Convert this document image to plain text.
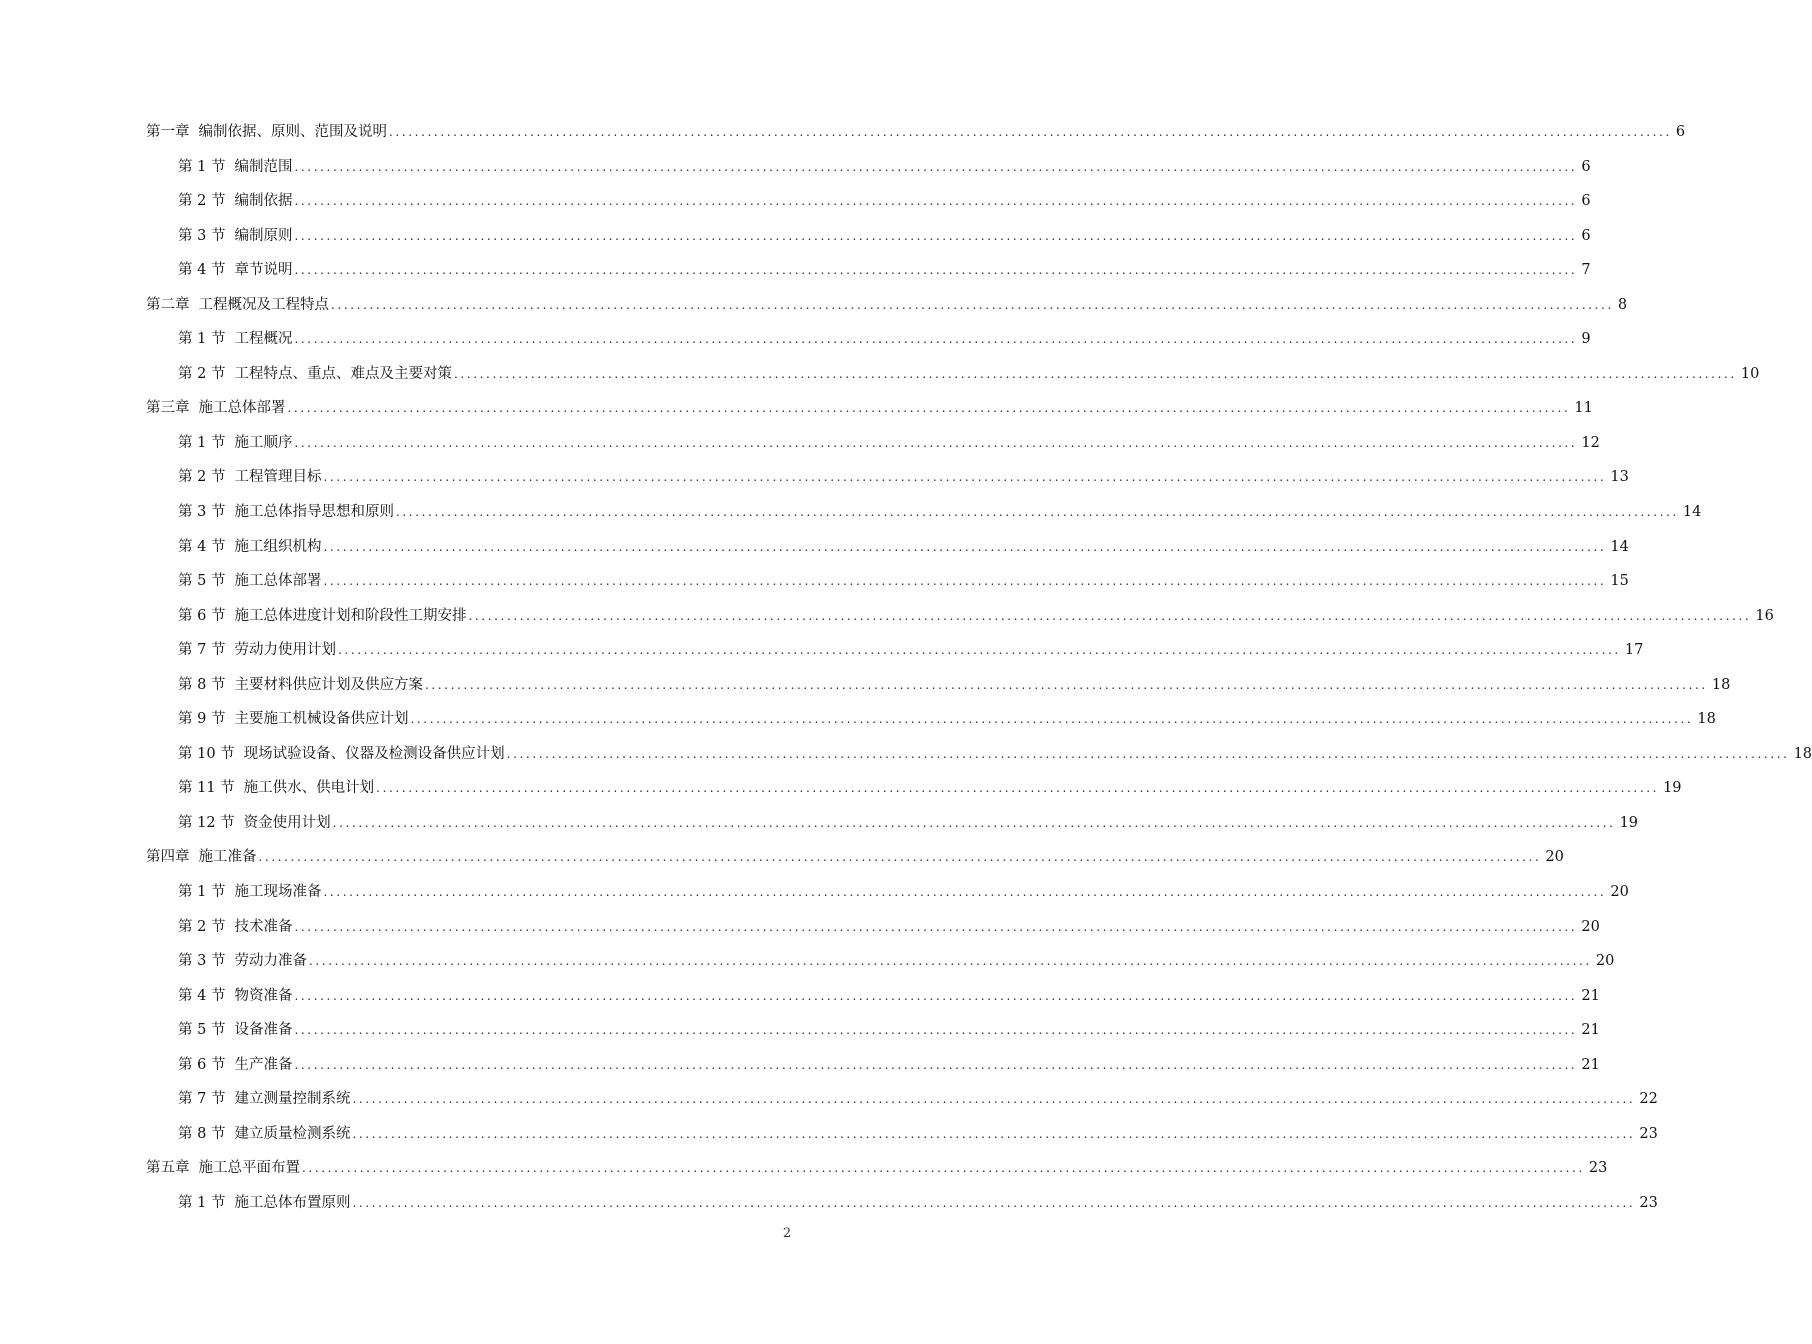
第一章 编制依据、原则、范围及说明 ........................................................................................................................................................................................................ 6
第 1 节 编制范围 ........................................................................................................................................................................................................ 6
第 2 节 编制依据 ........................................................................................................................................................................................................ 6
第 3 节 编制原则 ........................................................................................................................................................................................................ 6
第 4 节 章节说明 ........................................................................................................................................................................................................ 7
第二章 工程概况及工程特点 ........................................................................................................................................................................................................ 8
第 1 节 工程概况 ........................................................................................................................................................................................................ 9
第 2 节 工程特点、重点、难点及主要对策 ........................................................................................................................................................................................................ 10
第三章 施工总体部署 ........................................................................................................................................................................................................ 11
第 1 节 施工顺序 ........................................................................................................................................................................................................ 12
第 2 节 工程管理目标 ........................................................................................................................................................................................................ 13
第 3 节 施工总体指导思想和原则 ........................................................................................................................................................................................................ 14
第 4 节 施工组织机构 ........................................................................................................................................................................................................ 14
第 5 节 施工总体部署 ........................................................................................................................................................................................................ 15
第 6 节 施工总体进度计划和阶段性工期安排 ........................................................................................................................................................................................................ 16
第 7 节 劳动力使用计划 ........................................................................................................................................................................................................ 17
第 8 节 主要材料供应计划及供应方案 ........................................................................................................................................................................................................ 18
第 9 节 主要施工机械设备供应计划 ........................................................................................................................................................................................................ 18
第 10 节 现场试验设备、仪器及检测设备供应计划 ........................................................................................................................................................................................................ 18
第 11 节 施工供水、供电计划 ........................................................................................................................................................................................................ 19
第 12 节 资金使用计划 ........................................................................................................................................................................................................ 19
第四章 施工准备 ........................................................................................................................................................................................................ 20
第 1 节 施工现场准备 ........................................................................................................................................................................................................ 20
第 2 节 技术准备 ........................................................................................................................................................................................................ 20
第 3 节 劳动力准备 ........................................................................................................................................................................................................ 20
第 4 节 物资准备 ........................................................................................................................................................................................................ 21
第 5 节 设备准备 ........................................................................................................................................................................................................ 21
第 6 节 生产准备 ........................................................................................................................................................................................................ 21
第 7 节 建立测量控制系统 ........................................................................................................................................................................................................ 22
第 8 节 建立质量检测系统 ........................................................................................................................................................................................................ 23
第五章 施工总平面布置 ........................................................................................................................................................................................................ 23
第 1 节 施工总体布置原则 ........................................................................................................................................................................................................ 23
2
